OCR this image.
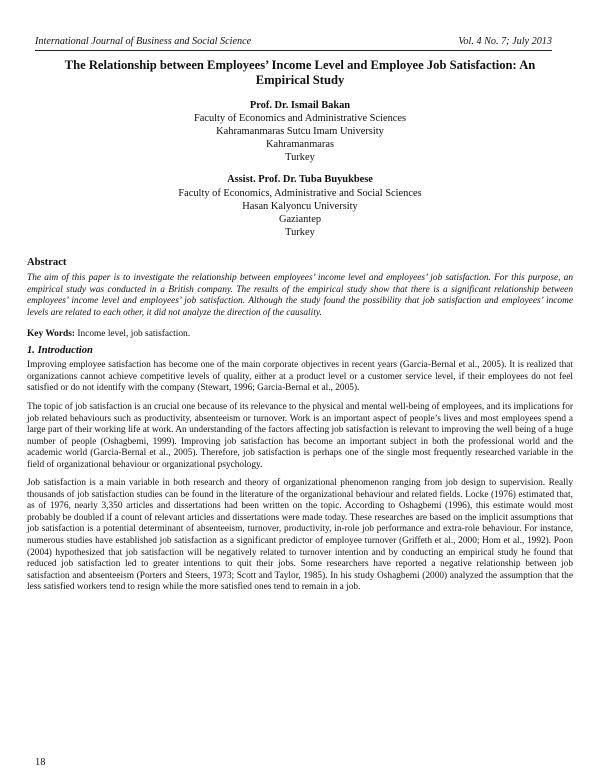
International Journal of Business and Social Science	Vol. 4 No. 7; July 2013
The Relationship between Employees’ Income Level and Employee Job Satisfaction: An Empirical Study
Prof. Dr. Ismail Bakan
Faculty of Economics and Administrative Sciences
Kahramanmaras Sutcu Imam University
Kahramanmaras
Turkey
Assist. Prof. Dr. Tuba Buyukbese
Faculty of Economics, Administrative and Social Sciences
Hasan Kalyoncu University
Gaziantep
Turkey
Abstract

The aim of this paper is to investigate the relationship between employees’ income level and employees’ job satisfaction. For this purpose, an empirical study was conducted in a British company. The results of the empirical study show that there is a significant relationship between employees’ income level and employees’ job satisfaction. Although the study found the possibility that job satisfaction and employees’ income levels are related to each other, it did not analyze the direction of the causality.

Key Words: Income level, job satisfaction.

1. Introduction

Improving employee satisfaction has become one of the main corporate objectives in recent years (Garcia-Bernal et al., 2005). It is realized that organizations cannot achieve competitive levels of quality, either at a product level or a customer service level, if their employees do not feel satisfied or do not identify with the company (Stewart, 1996; Garcia-Bernal et al., 2005).

The topic of job satisfaction is an crucial one because of its relevance to the physical and mental well-being of employees, and its implications for job related behaviours such as productivity, absenteeism or turnover. Work is an important aspect of people’s lives and most employees spend a large part of their working life at work. An understanding of the factors affecting job satisfaction is relevant to improving the well being of a huge number of people (Oshagbemi, 1999). Improving job satisfaction has become an important subject in both the professional world and the academic world (Garcia-Bernal et al., 2005). Therefore, job satisfaction is perhaps one of the single most frequently researched variable in the field of organizational behaviour or organizational psychology.

Job satisfaction is a main variable in both research and theory of organizational phenomenon ranging from job design to supervision. Really thousands of job satisfaction studies can be found in the literature of the organizational behaviour and related fields. Locke (1976) estimated that, as of 1976, nearly 3,350 articles and dissertations had been written on the topic. According to Oshagbemi (1996), this estimate would most probably be doubled if a count of relevant articles and dissertations were made today. These researches are based on the implicit assumptions that job satisfaction is a potential determinant of absenteeism, turnover, productivity, in-role job performance and extra-role behaviour. For instance, numerous studies have established job satisfaction as a significant predictor of employee turnover (Griffeth et al., 2000; Hom et al., 1992). Poon (2004) hypothesized that job satisfaction will be negatively related to turnover intention and by conducting an empirical study he found that reduced job satisfaction led to greater intentions to quit their jobs. Some researchers have reported a negative relationship between job satisfaction and absenteeism (Porters and Steers, 1973; Scott and Taylor, 1985). In his study Oshagbemi (2000) analyzed the assumption that the less satisfied workers tend to resign while the more satisfied ones tend to remain in a job.

18
